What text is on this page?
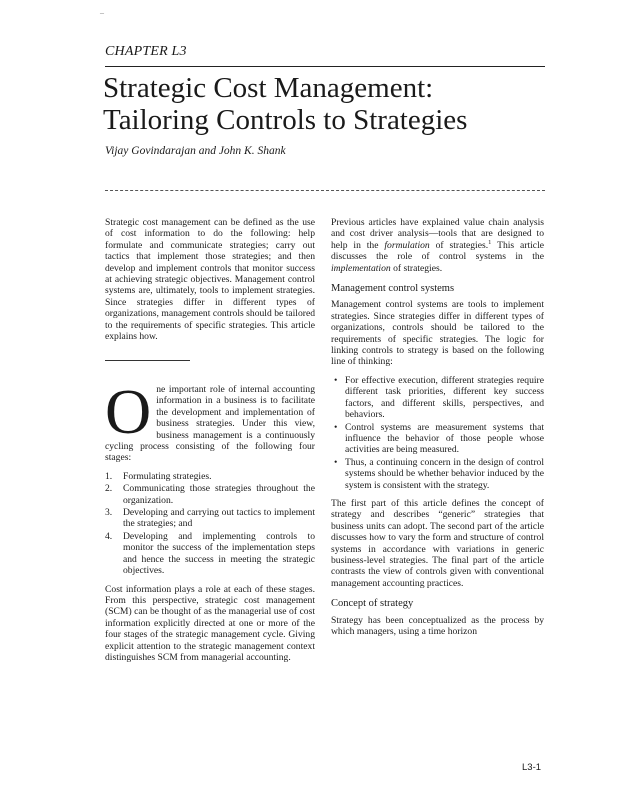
–
CHAPTER L3
Strategic Cost Management:
Tailoring Controls to Strategies
Vijay Govindarajan and John K. Shank

Strategic cost management can be defined as the use of cost information to do the following: help formulate and communicate strategies; carry out tactics that implement those strategies; and then develop and implement controls that monitor success at achieving strategic objectives. Management control systems are, ultimately, tools to implement strategies. Since strategies differ in different types of organizations, management controls should be tailored to the requirements of specific strategies. This article explains how.

One important role of internal accounting information in a business is to facilitate the development and implementation of business strategies. Under this view, business management is a continuously cycling process consisting of the following four stages:

1. Formulating strategies.
2. Communicating those strategies throughout the organization.
3. Developing and carrying out tactics to implement the strategies; and
4. Developing and implementing controls to monitor the success of the implementation steps and hence the success in meeting the strategic objectives.

Cost information plays a role at each of these stages. From this perspective, strategic cost management (SCM) can be thought of as the managerial use of cost information explicitly directed at one or more of the four stages of the strategic management cycle. Giving explicit attention to the strategic management context distinguishes SCM from managerial accounting.

Previous articles have explained value chain analysis and cost driver analysis—tools that are designed to help in the formulation of strategies.$^1$ This article discusses the role of control systems in the implementation of strategies.

Management control systems

Management control systems are tools to implement strategies. Since strategies differ in different types of organizations, controls should be tailored to the requirements of specific strategies. The logic for linking controls to strategy is based on the following line of thinking:

• For effective execution, different strategies require different task priorities, different key success factors, and different skills, perspectives, and behaviors.
• Control systems are measurement systems that influence the behavior of those people whose activities are being measured.
• Thus, a continuing concern in the design of control systems should be whether behavior induced by the system is consistent with the strategy.

The first part of this article defines the concept of strategy and describes “generic” strategies that business units can adopt. The second part of the article discusses how to vary the form and structure of control systems in accordance with variations in generic business-level strategies. The final part of the article contrasts the view of controls given with conventional management accounting practices.

Concept of strategy

Strategy has been conceptualized as the process by which managers, using a time horizon

L3-1
